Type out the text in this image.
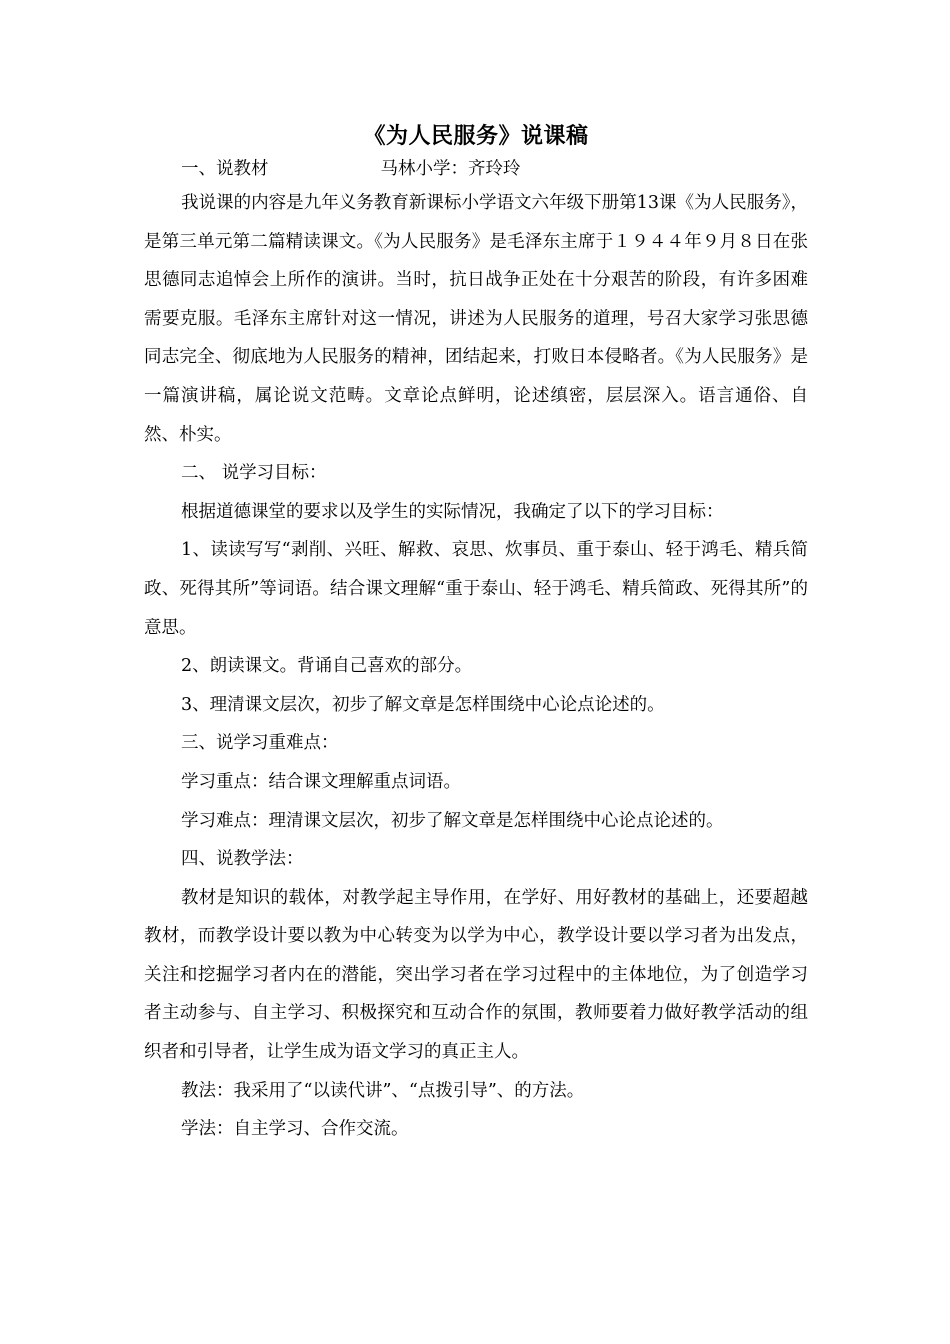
《为人民服务》说课稿

一、说教材	马林小学：齐玲玲

我说课的内容是九年义务教育新课标小学语文六年级下册第13课《为人民服务》，是第三单元第二篇精读课文。《为人民服务》是毛泽东主席于１９４４年９月８日在张思德同志追悼会上所作的演讲。当时，抗日战争正处在十分艰苦的阶段，有许多困难需要克服。毛泽东主席针对这一情况，讲述为人民服务的道理，号召大家学习张思德同志完全、彻底地为人民服务的精神，团结起来，打败日本侵略者。《为人民服务》是一篇演讲稿，属论说文范畴。文章论点鲜明，论述缜密，层层深入。语言通俗、自然、朴实。

二、 说学习目标：

根据道德课堂的要求以及学生的实际情况，我确定了以下的学习目标：

1、读读写写“剥削、兴旺、解救、哀思、炊事员、重于泰山、轻于鸿毛、精兵简政、死得其所”等词语。结合课文理解“重于泰山、轻于鸿毛、精兵简政、死得其所”的意思。

2、朗读课文。背诵自己喜欢的部分。

3、理清课文层次，初步了解文章是怎样围绕中心论点论述的。

三、说学习重难点：

学习重点：结合课文理解重点词语。

学习难点：理清课文层次，初步了解文章是怎样围绕中心论点论述的。

四、说教学法：

教材是知识的载体，对教学起主导作用，在学好、用好教材的基础上，还要超越教材，而教学设计要以教为中心转变为以学为中心，教学设计要以学习者为出发点，关注和挖掘学习者内在的潜能，突出学习者在学习过程中的主体地位，为了创造学习者主动参与、自主学习、积极探究和互动合作的氛围，教师要着力做好教学活动的组织者和引导者，让学生成为语文学习的真正主人。

教法：我采用了“以读代讲”、“点拨引导”、的方法。

学法：自主学习、合作交流。
